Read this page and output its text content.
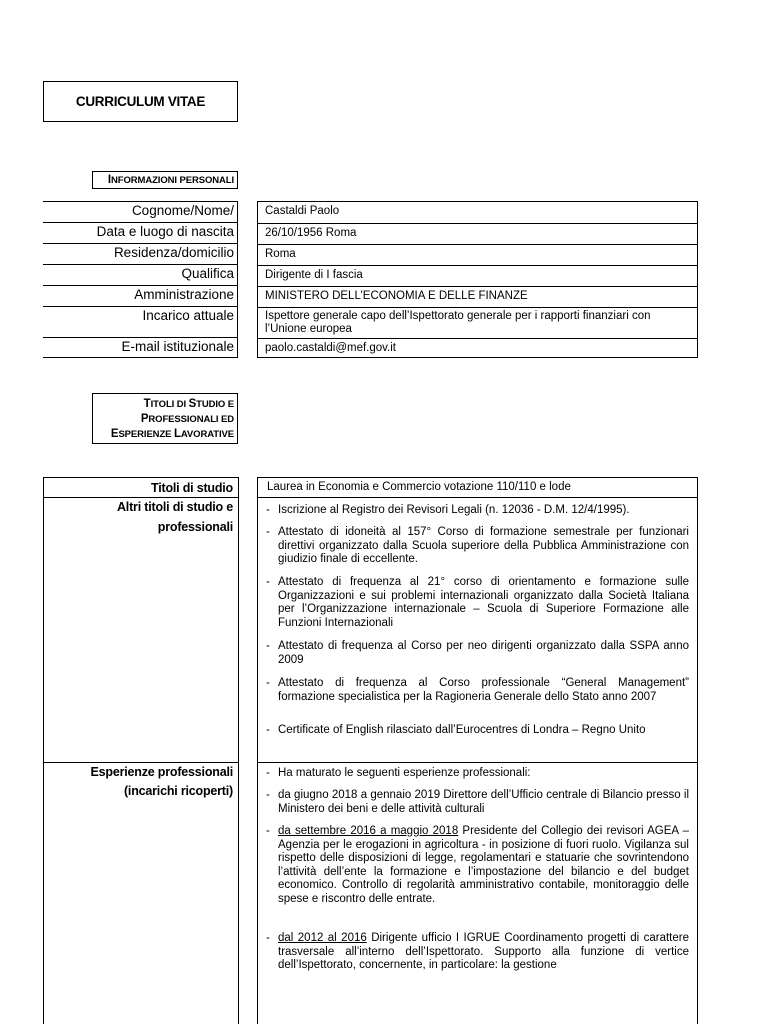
CURRICULUM VITAE
INFORMAZIONI PERSONALI
Cognome/Nome/
Data e luogo di nascita
Residenza/domicilio
Qualifica
Amministrazione
Incarico attuale
E-mail istituzionale
Castaldi Paolo
26/10/1956 Roma
Roma
Dirigente di I fascia
MINISTERO DELL’ECONOMIA E DELLE FINANZE
Ispettore generale capo dell’Ispettorato generale per i rapporti finanziari con l’Unione europea
paolo.castaldi@mef.gov.it
TITOLI DI STUDIO E
PROFESSIONALI ED
ESPERIENZE LAVORATIVE
Titoli di studio
Altri titoli di studio e
professionali
Esperienze professionali
(incarichi ricoperti)
Laurea in Economia e Commercio votazione 110/110 e lode
- Iscrizione al Registro dei Revisori Legali (n. 12036 - D.M. 12/4/1995).
- Attestato di idoneità al 157° Corso di formazione semestrale per funzionari direttivi organizzato dalla Scuola superiore della Pubblica Amministrazione con giudizio finale di eccellente.
- Attestato di frequenza al 21° corso di orientamento e formazione sulle Organizzazioni e sui problemi internazionali organizzato dalla Società Italiana per l’Organizzazione internazionale – Scuola di Superiore Formazione alle Funzioni Internazionali
- Attestato di frequenza al Corso per neo dirigenti organizzato dalla SSPA anno 2009
- Attestato di frequenza al Corso professionale “General Management” formazione specialistica per la Ragioneria Generale dello Stato anno 2007
- Certificate of English rilasciato dall’Eurocentres di Londra – Regno Unito
- Ha maturato le seguenti esperienze professionali:
- da giugno 2018 a gennaio 2019 Direttore dell’Ufficio centrale di Bilancio presso il Ministero dei beni e delle attività culturali
- da settembre 2016 a maggio 2018 Presidente del Collegio dei revisori AGEA – Agenzia per le erogazioni in agricoltura - in posizione di fuori ruolo. Vigilanza sul rispetto delle disposizioni di legge, regolamentari e statuarie che sovrintendono l’attività dell’ente la formazione e l’impostazione del bilancio e del budget economico. Controllo di regolarità amministrativo contabile, monitoraggio delle spese e riscontro delle entrate.
- dal 2012 al 2016 Dirigente ufficio I IGRUE Coordinamento progetti di carattere trasversale all’interno dell’Ispettorato. Supporto alla funzione di vertice dell’Ispettorato, concernente, in particolare: la gestione
